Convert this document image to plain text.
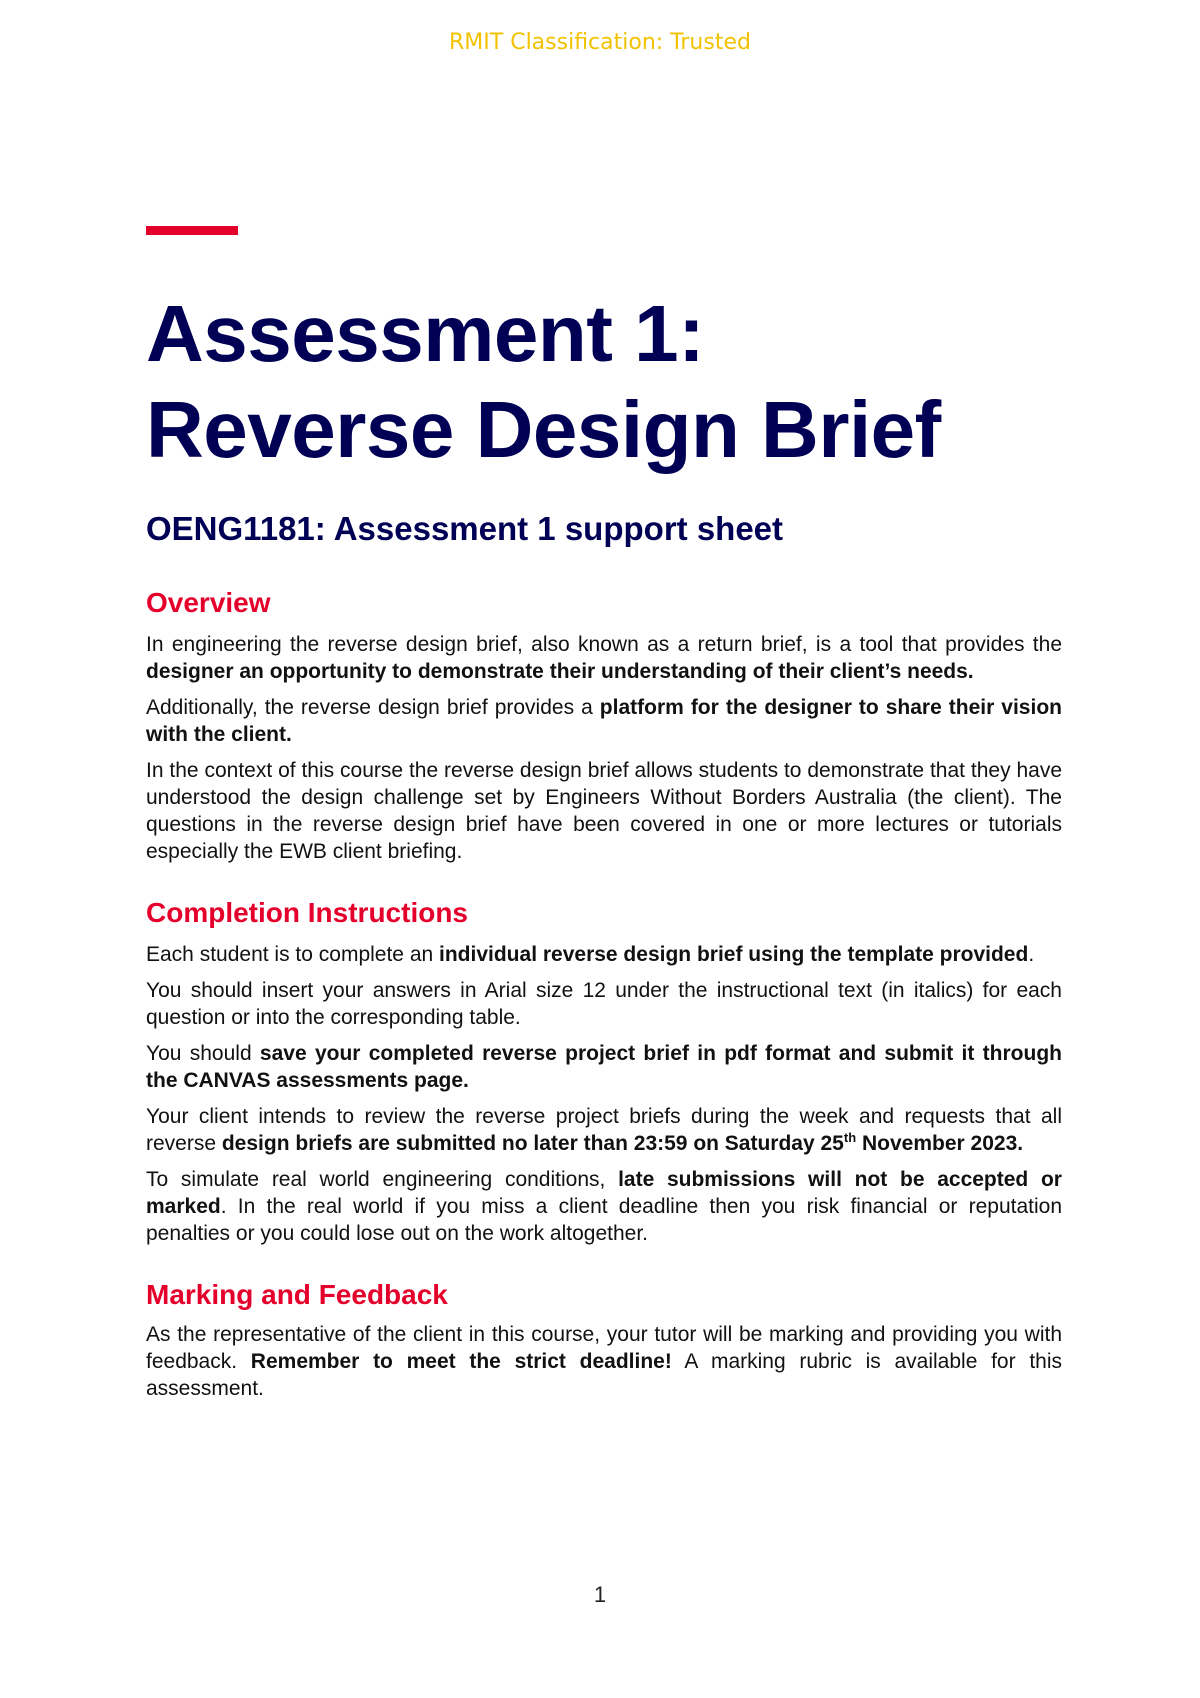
RMIT Classification: Trusted
Assessment 1:
Reverse Design Brief
OENG1181: Assessment 1 support sheet
Overview

In engineering the reverse design brief, also known as a return brief, is a tool that provides the designer an opportunity to demonstrate their understanding of their client’s needs.

Additionally, the reverse design brief provides a platform for the designer to share their vision with the client.

In the context of this course the reverse design brief allows students to demonstrate that they have understood the design challenge set by Engineers Without Borders Australia (the client). The questions in the reverse design brief have been covered in one or more lectures or tutorials especially the EWB client briefing.

Completion Instructions

Each student is to complete an individual reverse design brief using the template provided.

You should insert your answers in Arial size 12 under the instructional text (in italics) for each question or into the corresponding table.

You should save your completed reverse project brief in pdf format and submit it through the CANVAS assessments page.

Your client intends to review the reverse project briefs during the week and requests that all reverse design briefs are submitted no later than 23:59 on Saturday 25th November 2023.

To simulate real world engineering conditions, late submissions will not be accepted or marked. In the real world if you miss a client deadline then you risk financial or reputation penalties or you could lose out on the work altogether.

Marking and Feedback

As the representative of the client in this course, your tutor will be marking and providing you with feedback. Remember to meet the strict deadline! A marking rubric is available for this assessment.

1
